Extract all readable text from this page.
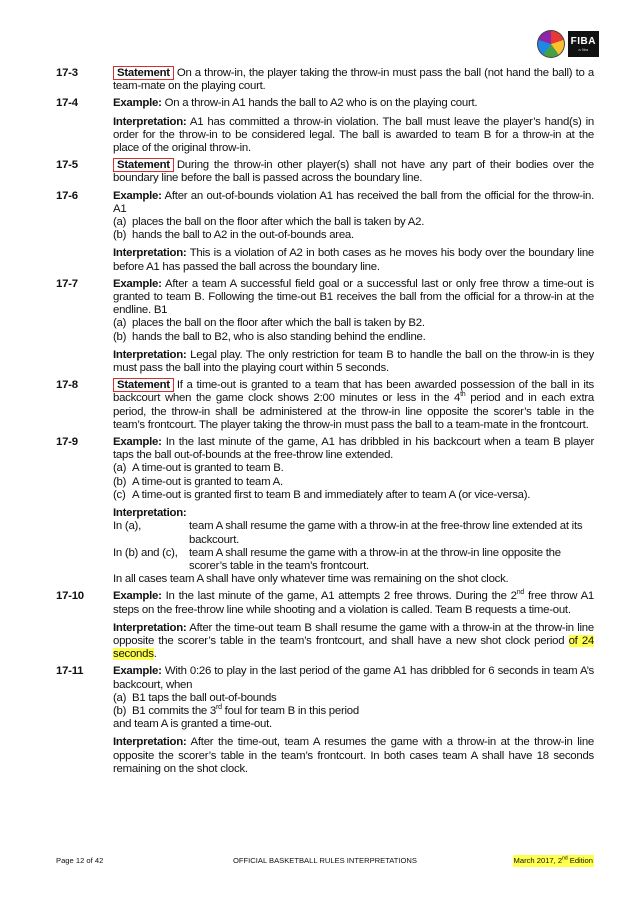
FIBA
a fiba
17-3	Statement On a throw-in, the player taking the throw-in must pass the ball (not hand the ball) to a team-mate on the playing court.

17-4	Example: On a throw-in A1 hands the ball to A2 who is on the playing court.

Interpretation: A1 has committed a throw-in violation. The ball must leave the player’s hand(s) in order for the throw-in to be considered legal. The ball is awarded to team B for a throw-in at the place of the original throw-in.

17-5	Statement During the throw-in other player(s) shall not have any part of their bodies over the boundary line before the ball is passed across the boundary line.

17-6	Example: After an out-of-bounds violation A1 has received the ball from the official for the throw-in. A1
(a) places the ball on the floor after which the ball is taken by A2.
(b) hands the ball to A2 in the out-of-bounds area.

Interpretation: This is a violation of A2 in both cases as he moves his body over the boundary line before A1 has passed the ball across the boundary line.

17-7	Example: After a team A successful field goal or a successful last or only free throw a time-out is granted to team B. Following the time-out B1 receives the ball from the official for a throw-in at the endline. B1
(a) places the ball on the floor after which the ball is taken by B2.
(b) hands the ball to B2, who is also standing behind the endline.

Interpretation: Legal play. The only restriction for team B to handle the ball on the throw-in is they must pass the ball into the playing court within 5 seconds.

17-8	Statement If a time-out is granted to a team that has been awarded possession of the ball in its backcourt when the game clock shows 2:00 minutes or less in the 4th period and in each extra period, the throw-in shall be administered at the throw-in line opposite the scorer’s table in the team’s frontcourt. The player taking the throw-in must pass the ball to a team-mate in the frontcourt.

17-9	Example: In the last minute of the game, A1 has dribbled in his backcourt when a team B player taps the ball out-of-bounds at the free-throw line extended.
(a) A time-out is granted to team B.
(b) A time-out is granted to team A.
(c) A time-out is granted first to team B and immediately after to team A (or vice-versa).
Interpretation:
In (a),	team A shall resume the game with a throw-in at the free-throw line extended at its backcourt.
In (b) and (c), team A shall resume the game with a throw-in at the throw-in line opposite the scorer’s table in the team’s frontcourt.
In all cases team A shall have only whatever time was remaining on the shot clock.
17-10	Example: In the last minute of the game, A1 attempts 2 free throws. During the 2nd free throw A1 steps on the free-throw line while shooting and a violation is called. Team B requests a time-out.

Interpretation: After the time-out team B shall resume the game with a throw-in at the throw-in line opposite the scorer’s table in the team’s frontcourt, and shall have a new shot clock period of 24 seconds.

17-11	Example: With 0:26 to play in the last period of the game A1 has dribbled for 6 seconds in team A’s backcourt, when
(a) B1 taps the ball out-of-bounds
(b) B1 commits the 3rd foul for team B in this period
and team A is granted a time-out.

Interpretation: After the time-out, team A resumes the game with a throw-in at the throw-in line opposite the scorer’s table in the team’s frontcourt. In both cases team A shall have 18 seconds remaining on the shot clock.

Page 12 of 42	OFFICIAL BASKETBALL RULES INTERPRETATIONS	March 2017, 2nd Edition
